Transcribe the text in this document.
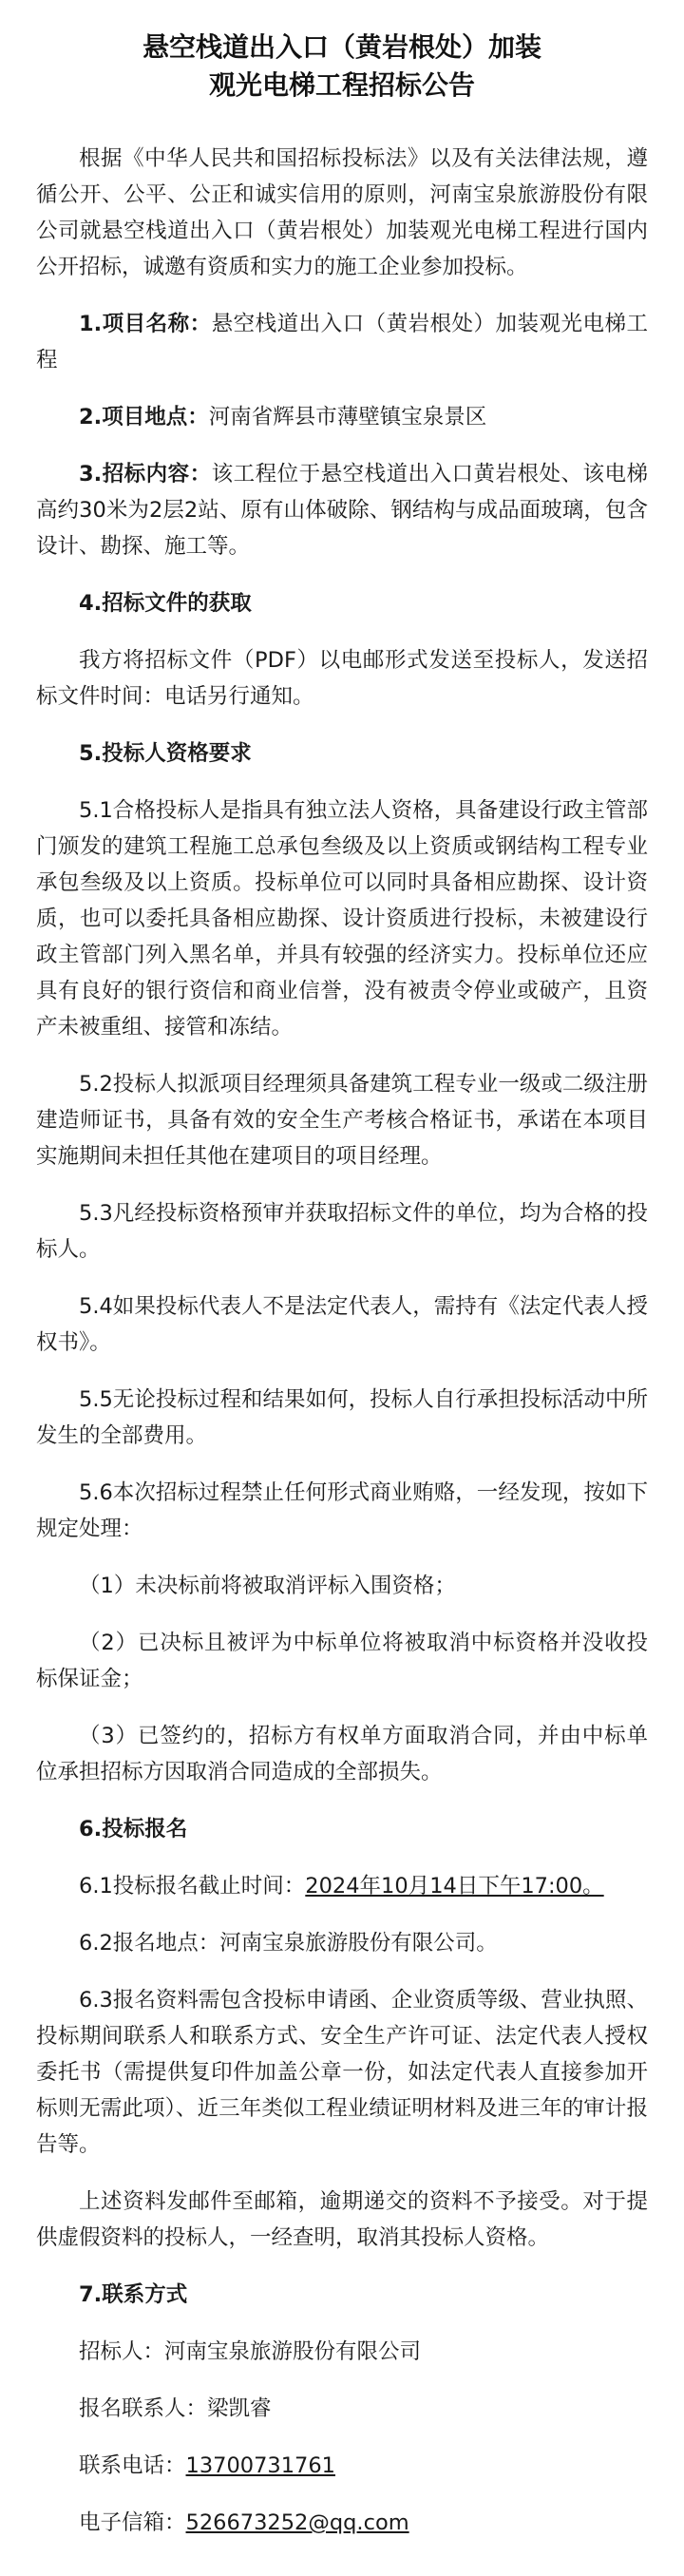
悬空栈道出入口（黄岩根处）加装
观光电梯工程招标公告

根据《中华人民共和国招标投标法》以及有关法律法规，遵循公开、公平、公正和诚实信用的原则，河南宝泉旅游股份有限公司就悬空栈道出入口（黄岩根处）加装观光电梯工程进行国内公开招标，诚邀有资质和实力的施工企业参加投标。

1.项目名称：悬空栈道出入口（黄岩根处）加装观光电梯工程

2.项目地点：河南省辉县市薄壁镇宝泉景区

3.招标内容：该工程位于悬空栈道出入口黄岩根处、该电梯高约30米为2层2站、原有山体破除、钢结构与成品面玻璃，包含设计、勘探、施工等。

4.招标文件的获取

我方将招标文件（PDF）以电邮形式发送至投标人，发送招标文件时间：电话另行通知。

5.投标人资格要求

5.1合格投标人是指具有独立法人资格，具备建设行政主管部门颁发的建筑工程施工总承包叁级及以上资质或钢结构工程专业承包叁级及以上资质。投标单位可以同时具备相应勘探、设计资质，也可以委托具备相应勘探、设计资质进行投标，未被建设行政主管部门列入黑名单，并具有较强的经济实力。投标单位还应具有良好的银行资信和商业信誉，没有被责令停业或破产，且资产未被重组、接管和冻结。

5.2投标人拟派项目经理须具备建筑工程专业一级或二级注册建造师证书，具备有效的安全生产考核合格证书，承诺在本项目实施期间未担任其他在建项目的项目经理。

5.3凡经投标资格预审并获取招标文件的单位，均为合格的投标人。

5.4如果投标代表人不是法定代表人，需持有《法定代表人授权书》。

5.5无论投标过程和结果如何，投标人自行承担投标活动中所发生的全部费用。

5.6本次招标过程禁止任何形式商业贿赂，一经发现，按如下规定处理：

（1）未决标前将被取消评标入围资格；

（2）已决标且被评为中标单位将被取消中标资格并没收投标保证金；

（3）已签约的，招标方有权单方面取消合同，并由中标单位承担招标方因取消合同造成的全部损失。

6.投标报名

6.1投标报名截止时间：2024年10月14日下午17:00。

6.2报名地点：河南宝泉旅游股份有限公司。

6.3报名资料需包含投标申请函、企业资质等级、营业执照、投标期间联系人和联系方式、安全生产许可证、法定代表人授权委托书（需提供复印件加盖公章一份，如法定代表人直接参加开标则无需此项）、近三年类似工程业绩证明材料及进三年的审计报告等。

上述资料发邮件至邮箱，逾期递交的资料不予接受。对于提供虚假资料的投标人，一经查明，取消其投标人资格。

7.联系方式

招标人：河南宝泉旅游股份有限公司

报名联系人：梁凯睿

联系电话：13700731761

电子信箱：526673252@qq.com
